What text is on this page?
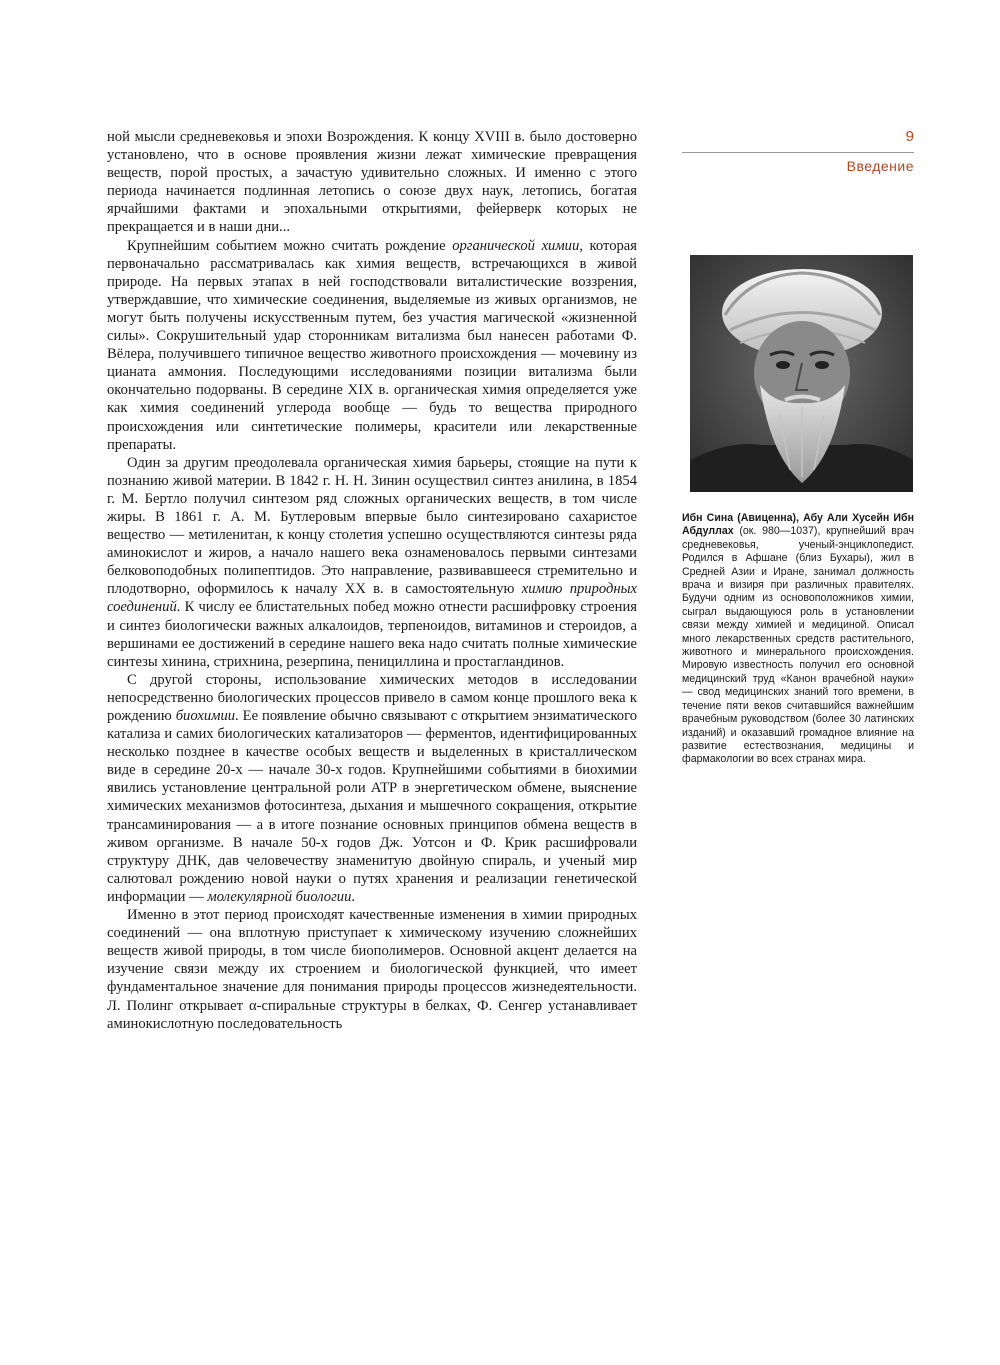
9
Введение

ной мысли средневековья и эпохи Возрождения. К концу XVIII в. было достоверно установлено, что в основе проявления жизни лежат химические превращения веществ, порой простых, а зачастую удивительно сложных. И именно с этого периода начинается подлинная летопись о союзе двух наук, летопись, богатая ярчайшими фактами и эпохальными открытиями, фейерверк которых не прекращается и в наши дни...

Крупнейшим событием можно считать рождение органической химии, которая первоначально рассматривалась как химия веществ, встречающихся в живой природе. На первых этапах в ней господствовали виталистические воззрения, утверждавшие, что химические соединения, выделяемые из живых организмов, не могут быть получены искусственным путем, без участия магической «жизненной силы». Сокрушительный удар сторонникам витализма был нанесен работами Ф. Вёлера, получившего типичное вещество животного происхождения — мочевину из цианата аммония. Последующими исследованиями позиции витализма были окончательно подорваны. В середине XIX в. органическая химия определяется уже как химия соединений углерода вообще — будь то вещества природного происхождения или синтетические полимеры, красители или лекарственные препараты.

Один за другим преодолевала органическая химия барьеры, стоящие на пути к познанию живой материи. В 1842 г. Н. Н. Зинин осуществил синтез анилина, в 1854 г. М. Бертло получил синтезом ряд сложных органических веществ, в том числе жиры. В 1861 г. А. М. Бутлеровым впервые было синтезировано сахаристое вещество — метиленитан, к концу столетия успешно осуществляются синтезы ряда аминокислот и жиров, а начало нашего века ознаменовалось первыми синтезами белковоподобных полипептидов. Это направление, развивавшееся стремительно и плодотворно, оформилось к началу XX в. в самостоятельную химию природных соединений. К числу ее блистательных побед можно отнести расшифровку строения и синтез биологически важных алкалоидов, терпеноидов, витаминов и стероидов, а вершинами ее достижений в середине нашего века надо считать полные химические синтезы хинина, стрихнина, резерпина, пенициллина и простагландинов.

С другой стороны, использование химических методов в исследовании непосредственно биологических процессов привело в самом конце прошлого века к рождению биохимии. Ее появление обычно связывают с открытием энзиматического катализа и самих биологических катализаторов — ферментов, идентифицированных несколько позднее в качестве особых веществ и выделенных в кристаллическом виде в середине 20-х — начале 30-х годов. Крупнейшими событиями в биохимии явились установление центральной роли АТР в энергетическом обмене, выяснение химических механизмов фотосинтеза, дыхания и мышечного сокращения, открытие трансаминирования — а в итоге познание основных принципов обмена веществ в живом организме. В начале 50-х годов Дж. Уотсон и Ф. Крик расшифровали структуру ДНК, дав человечеству знаменитую двойную спираль, и ученый мир салютовал рождению новой науки о путях хранения и реализации генетической информации — молекулярной биологии.

Именно в этот период происходят качественные изменения в химии природных соединений — она вплотную приступает к химическому изучению сложнейших веществ живой природы, в том числе биополимеров. Основной акцент делается на изучение связи между их строением и биологической функцией, что имеет фундаментальное значение для понимания природы процессов жизнедеятельности. Л. Полинг открывает α-спиральные структуры в белках, Ф. Сенгер устанавливает аминокислотную последовательность

Ибн Сина (Авиценна), Абу Али Хусейн Ибн Абдуллах (ок. 980—1037), крупнейший врач средневековья, ученый-энциклопедист. Родился в Афшане (близ Бухары), жил в Средней Азии и Иране, занимал должность врача и визиря при различных правителях. Будучи одним из основоположников химии, сыграл выдающуюся роль в установлении связи между химией и медициной. Описал много лекарственных средств растительного, животного и минерального происхождения. Мировую известность получил его основной медицинский труд «Канон врачебной науки» — свод медицинских знаний того времени, в течение пяти веков считавшийся важнейшим врачебным руководством (более 30 латинских изданий) и оказавший громадное влияние на развитие естествознания, медицины и фармакологии во всех странах мира.
